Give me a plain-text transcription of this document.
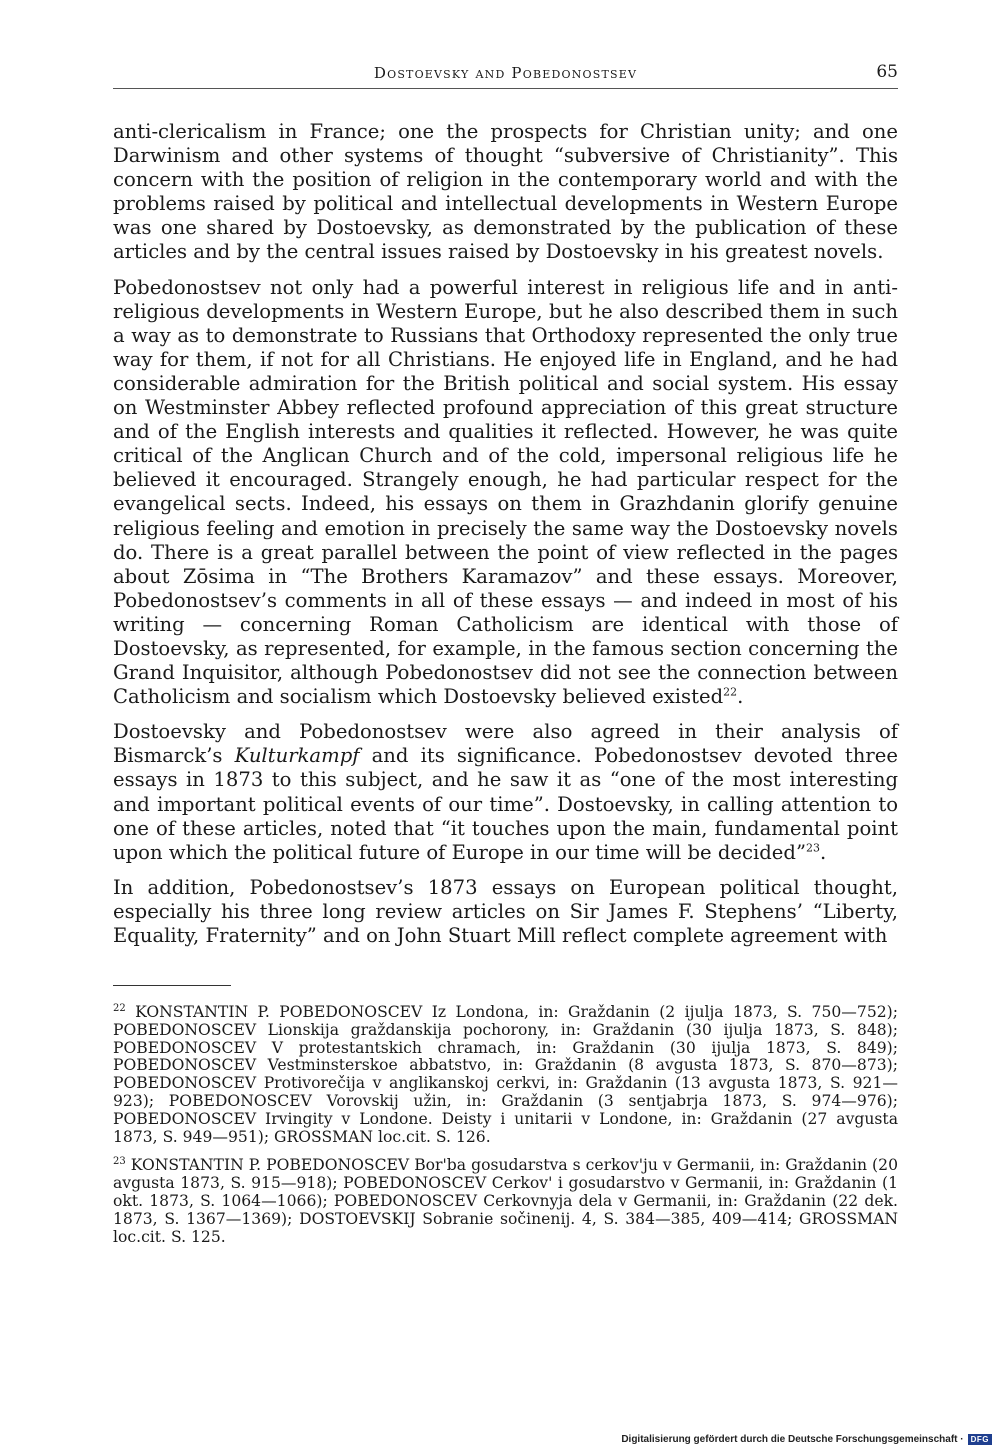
Dostoevsky and Pobedonostsev	65

anti-clericalism in France; one the prospects for Christian unity; and one Darwinism and other systems of thought “subversive of Christianity”. This concern with the position of religion in the contemporary world and with the problems raised by political and intellectual developments in Western Europe was one shared by Dostoevsky, as demonstrated by the publication of these articles and by the central issues raised by Dostoevsky in his greatest novels.

Pobedonostsev not only had a powerful interest in religious life and in anti-religious developments in Western Europe, but he also described them in such a way as to demonstrate to Russians that Orthodoxy represented the only true way for them, if not for all Christians. He enjoyed life in England, and he had considerable admiration for the British political and social system. His essay on Westminster Abbey reflected profound appreciation of this great structure and of the English interests and qualities it reflected. However, he was quite critical of the Anglican Church and of the cold, impersonal religious life he believed it encouraged. Strangely enough, he had particular respect for the evangelical sects. Indeed, his essays on them in Grazhdanin glorify genuine religious feeling and emotion in precisely the same way the Dostoevsky novels do. There is a great parallel between the point of view reflected in the pages about Zōsima in “The Brothers Karamazov” and these essays. Moreover, Pobedonostsev’s comments in all of these essays — and indeed in most of his writing — concerning Roman Catholicism are identical with those of Dostoevsky, as represented, for example, in the famous section concerning the Grand Inquisitor, although Pobedonostsev did not see the connection between Catholicism and socialism which Dostoevsky believed existed$^{22}$.

Dostoevsky and Pobedonostsev were also agreed in their analysis of Bismarck’s Kulturkampf and its significance. Pobedonostsev devoted three essays in 1873 to this subject, and he saw it as “one of the most interesting and important political events of our time”. Dostoevsky, in calling attention to one of these articles, noted that “it touches upon the main, fundamental point upon which the political future of Europe in our time will be decided”$^{23}$.

In addition, Pobedonostsev’s 1873 essays on European political thought, especially his three long review articles on Sir James F. Stephens’ “Liberty, Equality, Fraternity” and on John Stuart Mill reflect complete agreement with

$^{22}$ KONSTANTIN P. POBEDONOSCEV Iz Londona, in: Graždanin (2 ijulja 1873, S. 750—752); POBEDONOSCEV Lionskija graždanskija pochorony, in: Graždanin (30 ijulja 1873, S. 848); POBEDONOSCEV V protestantskich chramach, in: Graždanin (30 ijulja 1873, S. 849); POBEDONOSCEV Vestminsterskoe abbatstvo, in: Graždanin (8 avgusta 1873, S. 870—873); POBEDONOSCEV Protivorečija v anglikanskoj cerkvi, in: Graždanin (13 avgusta 1873, S. 921—923); POBEDONOSCEV Vorovskij užin, in: Graždanin (3 sentjabrja 1873, S. 974—976); POBEDONOSCEV Irvingity v Londone. Deisty i unitarii v Londone, in: Graždanin (27 avgusta 1873, S. 949—951); GROSSMAN loc.cit. S. 126.

$^{23}$ KONSTANTIN P. POBEDONOSCEV Bor'ba gosudarstva s cerkov'ju v Germanii, in: Graždanin (20 avgusta 1873, S. 915—918); POBEDONOSCEV Cerkov' i gosudarstvo v Germanii, in: Graždanin (1 okt. 1873, S. 1064—1066); POBEDONOSCEV Cerkovnyja dela v Germanii, in: Graždanin (22 dek. 1873, S. 1367—1369); DOSTOEVSKIJ Sobranie sočinenij. 4, S. 384—385, 409—414; GROSSMAN loc.cit. S. 125.

Digitalisierung gefördert durch die Deutsche Forschungsgemeinschaft · DFG
